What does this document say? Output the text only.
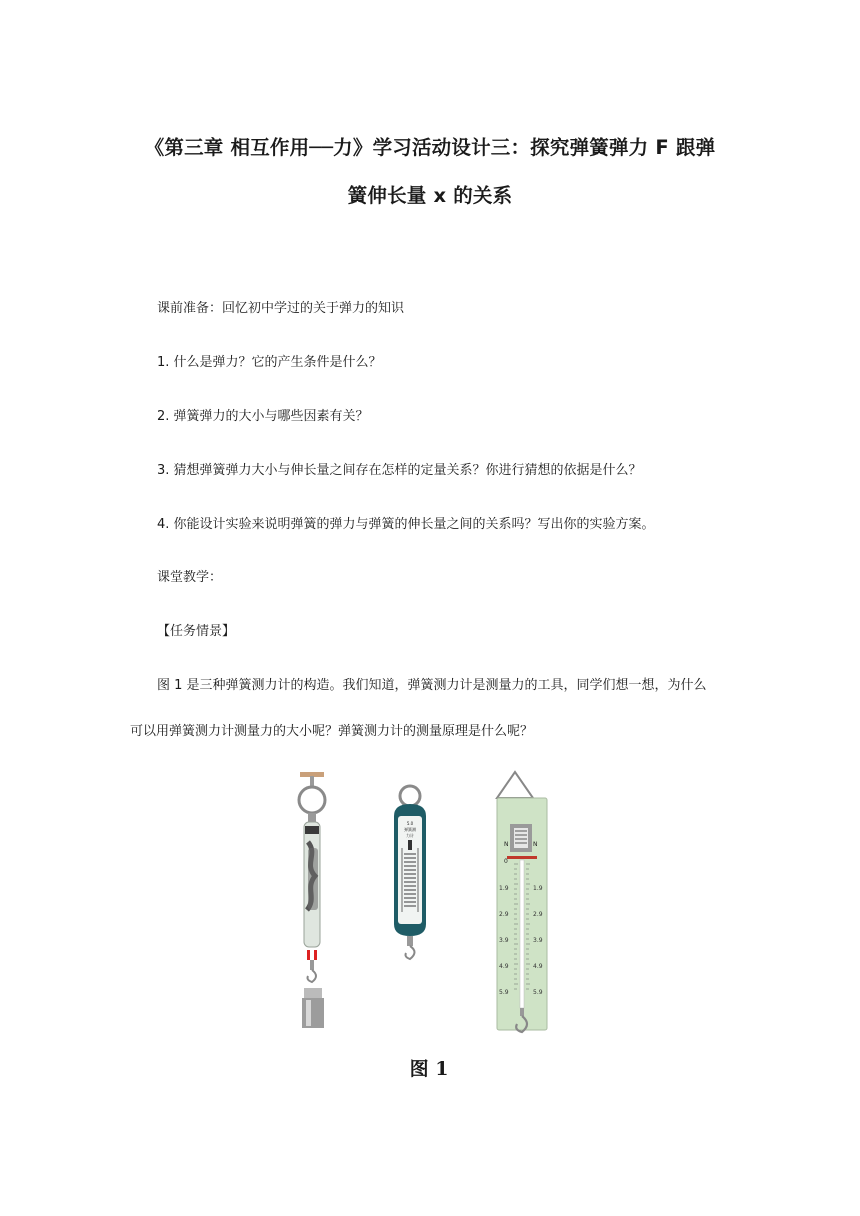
《第三章 相互作用──力》学习活动设计三：探究弹簧弹力 F 跟弹
簧伸长量 x 的关系
课前准备：回忆初中学过的关于弹力的知识
1. 什么是弹力？它的产生条件是什么？
2. 弹簧弹力的大小与哪些因素有关？
3. 猜想弹簧弹力大小与伸长量之间存在怎样的定量关系？你进行猜想的依据是什么？
4. 你能设计实验来说明弹簧的弹力与弹簧的伸长量之间的关系吗？写出你的实验方案。
课堂教学：
【任务情景】
图 1 是三种弹簧测力计的构造。我们知道，弹簧测力计是测量力的工具，同学们想一想，为什么
可以用弹簧测力计测量力的大小呢？弹簧测力计的测量原理是什么呢？
5.0
弹簧测
力计
N	N
0
1.9
2.9
3.9
4.9
5.9
1.9
2.9
3.9
4.9
5.9
图 1
